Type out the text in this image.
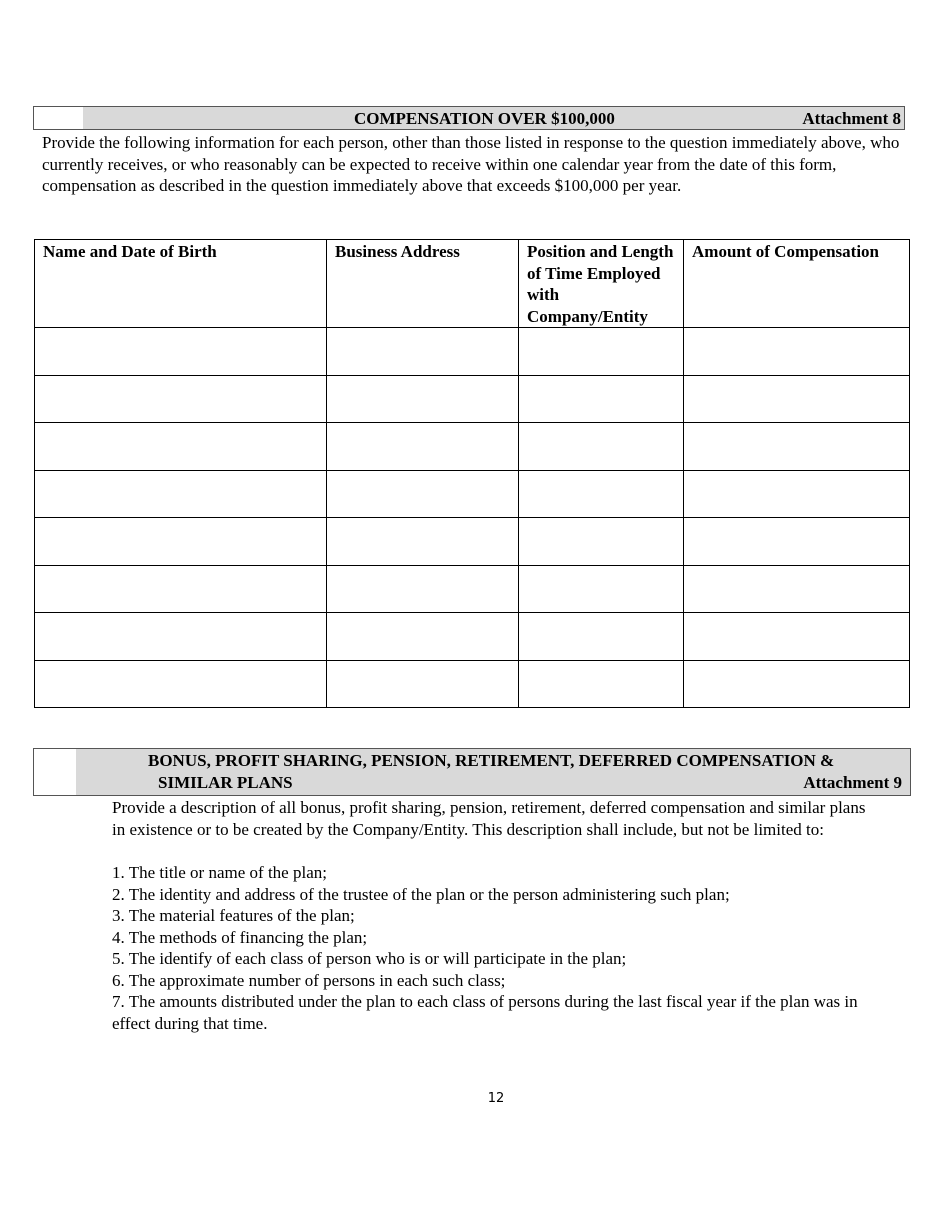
COMPENSATION OVER $100,000	Attachment 8
Provide the following information for each person, other than those listed in response to the question immediately above, who currently receives, or who reasonably can be expected to receive within one calendar year from the date of this form, compensation as described in the question immediately above that exceeds $100,000 per year.
Name and Date of Birth	Business Address	Position and Length of Time Employed with Company/Entity	Amount of Compensation

BONUS, PROFIT SHARING, PENSION, RETIREMENT, DEFERRED COMPENSATION &
SIMILAR PLANS	Attachment 9
Provide a description of all bonus, profit sharing, pension, retirement, deferred compensation and similar plans in existence or to be created by the Company/Entity. This description shall include, but not be limited to:
1. The title or name of the plan;
2. The identity and address of the trustee of the plan or the person administering such plan;
3. The material features of the plan;
4. The methods of financing the plan;
5. The identify of each class of person who is or will participate in the plan;
6. The approximate number of persons in each such class;
7. The amounts distributed under the plan to each class of persons during the last fiscal year if the plan was in effect during that time.
12
